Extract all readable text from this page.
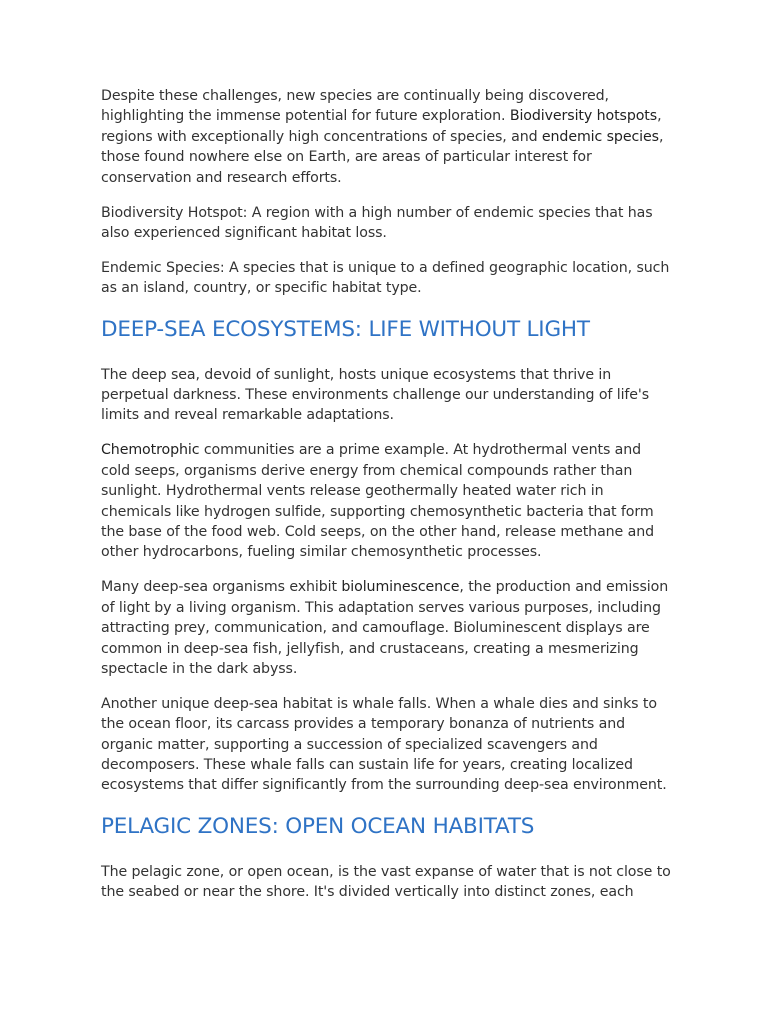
Despite these challenges, new species are continually being discovered, highlighting the immense potential for future exploration. Biodiversity hotspots, regions with exceptionally high concentrations of species, and endemic species, those found nowhere else on Earth, are areas of particular interest for conservation and research efforts.

Biodiversity Hotspot: A region with a high number of endemic species that has also experienced significant habitat loss.

Endemic Species: A species that is unique to a defined geographic location, such as an island, country, or specific habitat type.

DEEP-SEA ECOSYSTEMS: LIFE WITHOUT LIGHT

The deep sea, devoid of sunlight, hosts unique ecosystems that thrive in perpetual darkness. These environments challenge our understanding of life's limits and reveal remarkable adaptations.

Chemotrophic communities are a prime example. At hydrothermal vents and cold seeps, organisms derive energy from chemical compounds rather than sunlight. Hydrothermal vents release geothermally heated water rich in chemicals like hydrogen sulfide, supporting chemosynthetic bacteria that form the base of the food web. Cold seeps, on the other hand, release methane and other hydrocarbons, fueling similar chemosynthetic processes.

Many deep-sea organisms exhibit bioluminescence, the production and emission of light by a living organism. This adaptation serves various purposes, including attracting prey, communication, and camouflage. Bioluminescent displays are common in deep-sea fish, jellyfish, and crustaceans, creating a mesmerizing spectacle in the dark abyss.

Another unique deep-sea habitat is whale falls. When a whale dies and sinks to the ocean floor, its carcass provides a temporary bonanza of nutrients and organic matter, supporting a succession of specialized scavengers and decomposers. These whale falls can sustain life for years, creating localized ecosystems that differ significantly from the surrounding deep-sea environment.

PELAGIC ZONES: OPEN OCEAN HABITATS

The pelagic zone, or open ocean, is the vast expanse of water that is not close to the seabed or near the shore. It's divided vertically into distinct zones, each
